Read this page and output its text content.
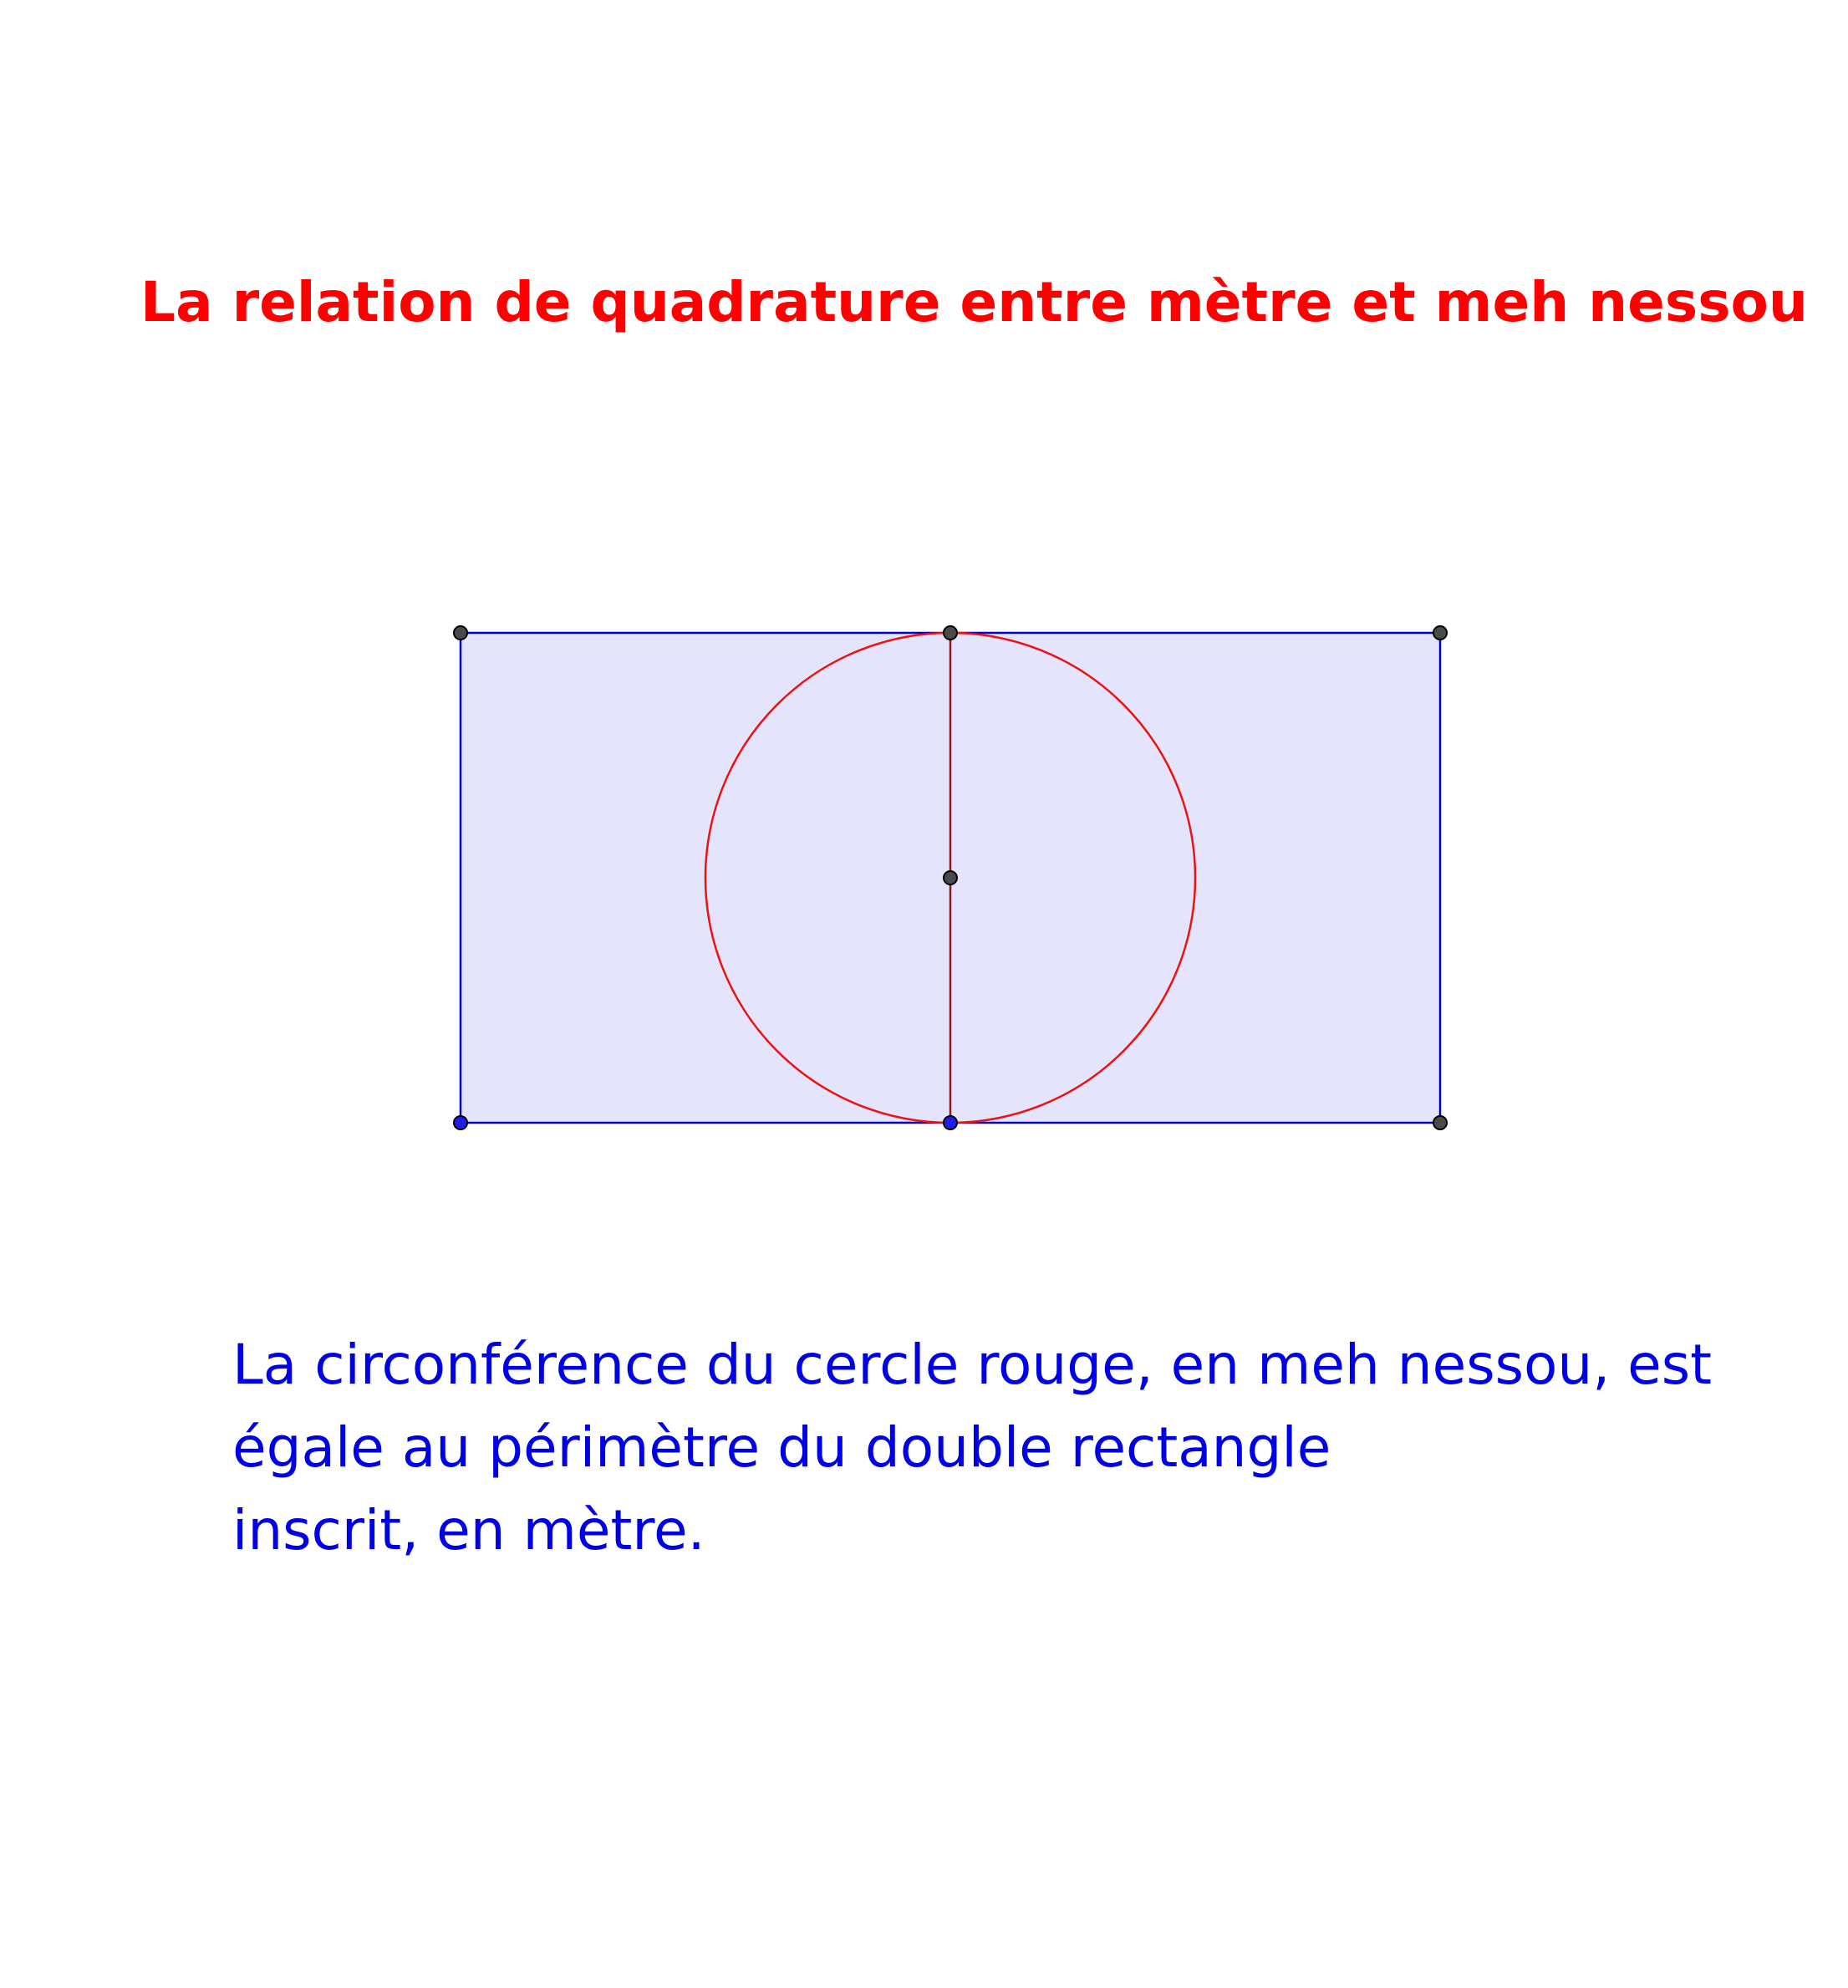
La relation de quadrature entre mètre et meh nessou
La circonférence du cercle rouge, en meh nessou, est
égale au périmètre du double rectangle
inscrit, en mètre.
